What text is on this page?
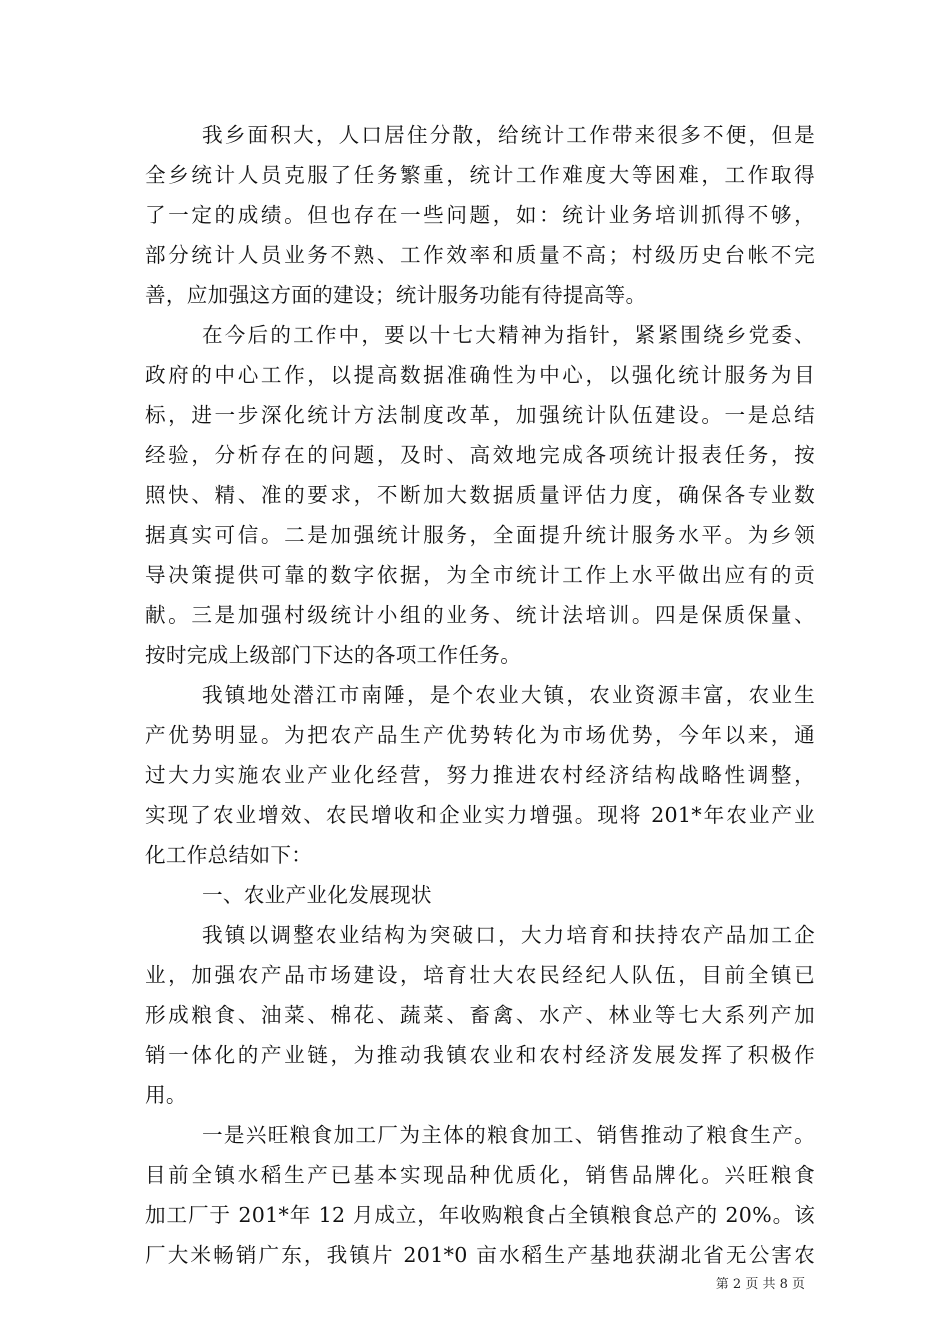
我乡面积大，人口居住分散，给统计工作带来很多不便，但是
全乡统计人员克服了任务繁重，统计工作难度大等困难，工作取得
了一定的成绩。但也存在一些问题，如：统计业务培训抓得不够，
部分统计人员业务不熟、工作效率和质量不高；村级历史台帐不完
善，应加强这方面的建设；统计服务功能有待提高等。
在今后的工作中，要以十七大精神为指针，紧紧围绕乡党委、
政府的中心工作，以提高数据准确性为中心，以强化统计服务为目
标，进一步深化统计方法制度改革，加强统计队伍建设。一是总结
经验，分析存在的问题，及时、高效地完成各项统计报表任务，按
照快、精、准的要求，不断加大数据质量评估力度，确保各专业数
据真实可信。二是加强统计服务，全面提升统计服务水平。为乡领
导决策提供可靠的数字依据，为全市统计工作上水平做出应有的贡
献。三是加强村级统计小组的业务、统计法培训。四是保质保量、
按时完成上级部门下达的各项工作任务。
我镇地处潜江市南陲，是个农业大镇，农业资源丰富，农业生
产优势明显。为把农产品生产优势转化为市场优势，今年以来，通
过大力实施农业产业化经营，努力推进农村经济结构战略性调整，
实现了农业增效、农民增收和企业实力增强。现将 201*年农业产业
化工作总结如下：
一、农业产业化发展现状
我镇以调整农业结构为突破口，大力培育和扶持农产品加工企
业，加强农产品市场建设，培育壮大农民经纪人队伍，目前全镇已
形成粮食、油菜、棉花、蔬菜、畜禽、水产、林业等七大系列产加
销一体化的产业链，为推动我镇农业和农村经济发展发挥了积极作
用。
一是兴旺粮食加工厂为主体的粮食加工、销售推动了粮食生产。
目前全镇水稻生产已基本实现品种优质化，销售品牌化。兴旺粮食
加工厂于 201*年 12 月成立，年收购粮食占全镇粮食总产的 20%。该
厂大米畅销广东，我镇片 201*0 亩水稻生产基地获湖北省无公害农
第 2 页 共 8 页
